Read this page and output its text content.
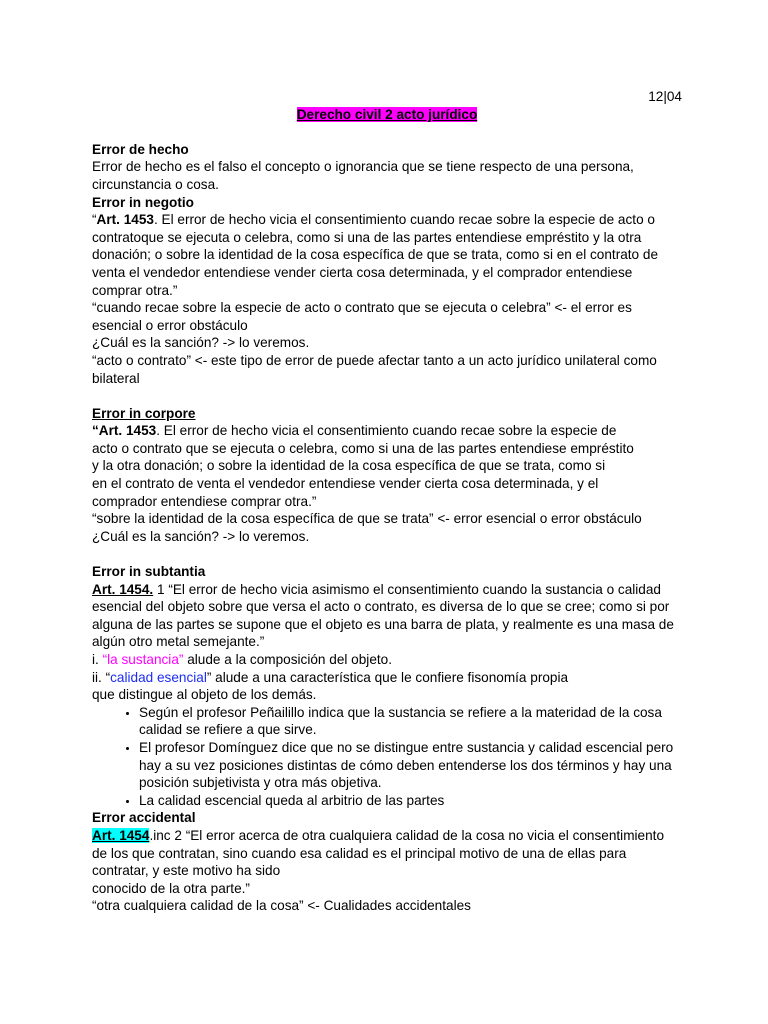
12|04
Derecho civil 2 acto jurídico

Error de hecho

Error de hecho es el falso el concepto o ignorancia que se tiene respecto de una persona, circunstancia o cosa.

Error in negotio

“Art. 1453. El error de hecho vicia el consentimiento cuando recae sobre la especie de acto o contratoque se ejecuta o celebra, como si una de las partes entendiese empréstito y la otra donación; o sobre la identidad de la cosa específica de que se trata, como si en el contrato de venta el vendedor entendiese vender cierta cosa determinada, y el comprador entendiese comprar otra.”

“cuando recae sobre la especie de acto o contrato que se ejecuta o celebra” <- el error es esencial o error obstáculo

¿Cuál es la sanción? -> lo veremos.

“acto o contrato” <- este tipo de error de puede afectar tanto a un acto jurídico unilateral como bilateral

Error in corpore

“Art. 1453. El error de hecho vicia el consentimiento cuando recae sobre la especie de
acto o contrato que se ejecuta o celebra, como si una de las partes entendiese empréstito
y la otra donación; o sobre la identidad de la cosa específica de que se trata, como si
en el contrato de venta el vendedor entendiese vender cierta cosa determinada, y el
comprador entendiese comprar otra.”

“sobre la identidad de la cosa específica de que se trata” <- error esencial o error obstáculo

¿Cuál es la sanción? -> lo veremos.

Error in subtantia

Art. 1454. 1 “El error de hecho vicia asimismo el consentimiento cuando la sustancia o calidad esencial del objeto sobre que versa el acto o contrato, es diversa de lo que se cree; como si por alguna de las partes se supone que el objeto es una barra de plata, y realmente es una masa de algún otro metal semejante.”

i. “la sustancia” alude a la composición del objeto.

ii. “calidad esencial” alude a una característica que le confiere fisonomía propia
que distingue al objeto de los demás.

• Según el profesor Peñailillo indica que la sustancia se refiere a la materidad de la cosa calidad se refiere a que sirve.
• El profesor Domínguez dice que no se distingue entre sustancia y calidad escencial pero hay a su vez posiciones distintas de cómo deben entenderse los dos términos y hay una posición subjetivista y otra más objetiva.
• La calidad escencial queda al arbitrio de las partes

Error accidental

Art. 1454.inc 2 “El error acerca de otra cualquiera calidad de la cosa no vicia el consentimiento de los que contratan, sino cuando esa calidad es el principal motivo de una de ellas para contratar, y este motivo ha sido
conocido de la otra parte.”

“otra cualquiera calidad de la cosa” <- Cualidades accidentales
